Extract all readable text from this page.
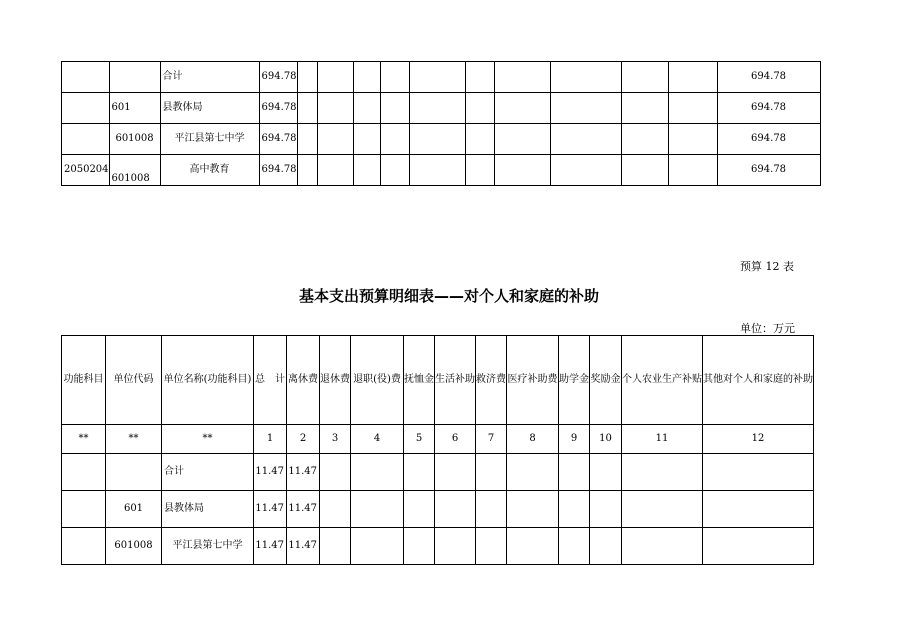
		合计	694.78											694.78
	601	县教体局	694.78											694.78
	601008	平江县第七中学	694.78											694.78
2050204	601008	高中教育	694.78											694.78
预算 12 表
基本支出预算明细表——对个人和家庭的补助
单位：万元
功能科目	单位代码	单位名称(功能科目)	总　计	离休费	退休费	退职(役)费	抚恤金	生活补助	救济费	医疗补助费	助学金	奖励金	个人农业生产补贴	其他对个人和家庭的补助
**	**	**	1	2	3	4	5	6	7	8	9	10	11	12
		合计	11.47	11.47										
	601	县教体局	11.47	11.47										
	601008	平江县第七中学	11.47	11.47										
